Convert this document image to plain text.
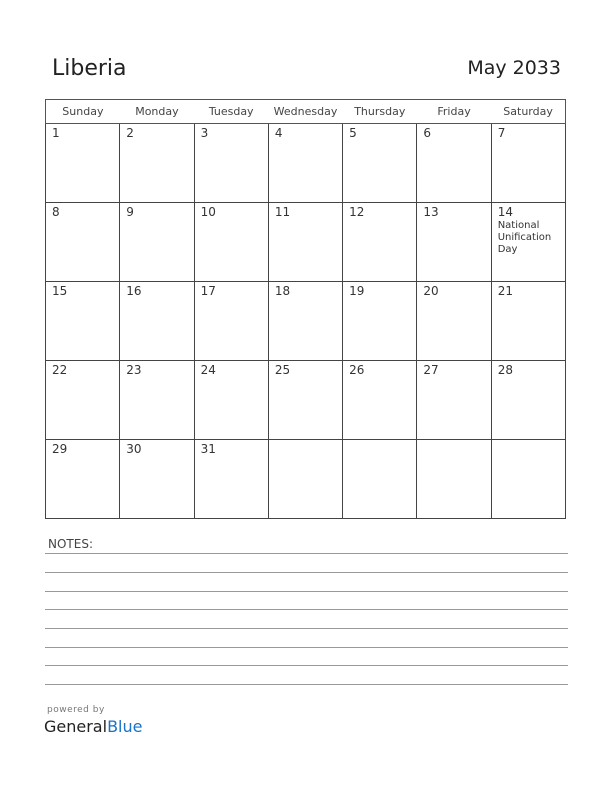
Liberia	May 2033
Sunday	Monday	Tuesday	Wednesday	Thursday	Friday	Saturday

1	2	3	4	5	6	7

8	9	10	11	12	13	14
National Unification Day

15	16	17	18	19	20	21

22	23	24	25	26	27	28

29	30	31				

NOTES:
powered by
GeneralBlue
